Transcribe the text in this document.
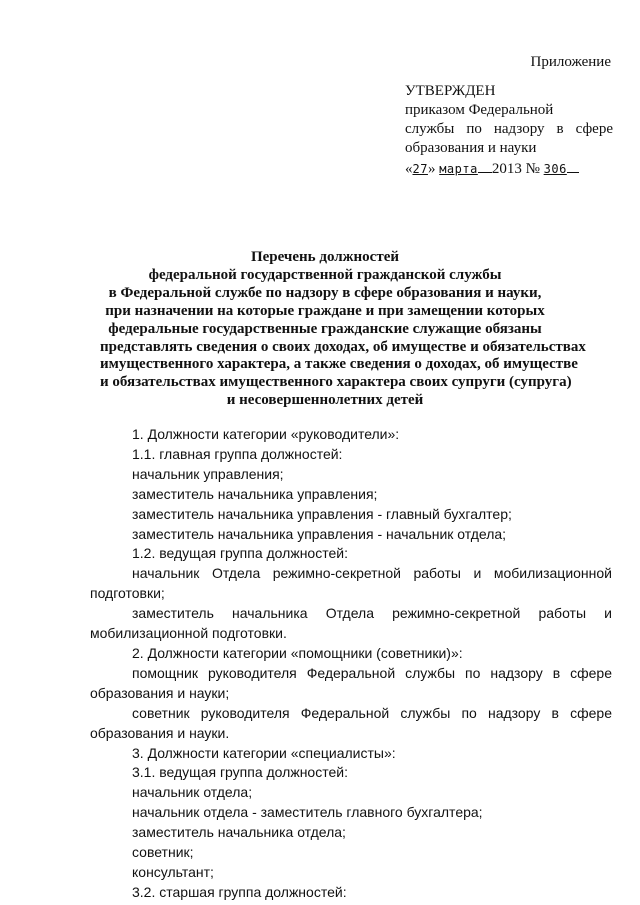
Приложение
УТВЕРЖДЕН
приказом Федеральной
службы по надзору в сфере
образования и науки
«27» марта 2013 № 306
Перечень должностей
федеральной государственной гражданской службы
в Федеральной службе по надзору в сфере образования и науки,
при назначении на которые граждане и при замещении которых
федеральные государственные гражданские служащие обязаны
представлять сведения о своих доходах, об имуществе и обязательствах
имущественного характера, а также сведения о доходах, об имуществе
и обязательствах имущественного характера своих супруги (супруга)
и несовершеннолетних детей
1. Должности категории «руководители»:
1.1. главная группа должностей:
начальник управления;
заместитель начальника управления;
заместитель начальника управления - главный бухгалтер;
заместитель начальника управления - начальник отдела;
1.2. ведущая группа должностей:
начальник Отдела режимно-секретной работы и мобилизационной подготовки;
заместитель начальника Отдела режимно-секретной работы и мобилизационной подготовки.
2. Должности категории «помощники (советники)»:
помощник руководителя Федеральной службы по надзору в сфере образования и науки;
советник руководителя Федеральной службы по надзору в сфере образования и науки.
3. Должности категории «специалисты»:
3.1. ведущая группа должностей:
начальник отдела;
начальник отдела - заместитель главного бухгалтера;
заместитель начальника отдела;
советник;
консультант;
3.2. старшая группа должностей:
